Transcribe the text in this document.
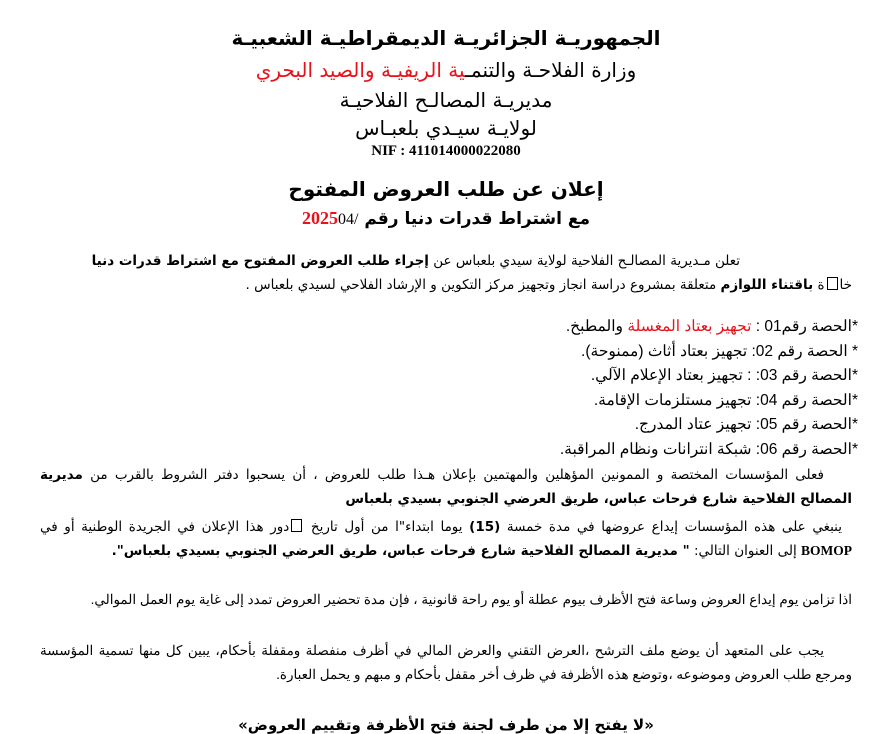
الجمهوريـة الجزائريـة الديمقراطيـة الشعبيـة
وزارة الفلاحـة والتنمـية الريفيـة والصيد البحري
مديريـة المصالـح الفلاحيـة
لولايـة سيـدي بلعبـاس
NIF : 411014000022080
إعلان عن طلب العروض المفتوح
مع اشتراط قدرات دنيا رقم 202504/
تعلن مـديرية المصالـح الفلاحية لولاية سيدي بلعباس عن إجراء طلب العروض المفتوح مع اشتراط قدرات دنيا
خاة باقتناء اللوازم متعلقة بمشروع دراسة انجاز وتجهيز مركز التكوين و الإرشاد الفلاحي لسيدي بلعباس .
*الحصة رقم01 : تجهيز بعتاد المغسلة والمطبخ.
* الحصة رقم 02: تجهيز بعتاد أثاث (ممنوحة).
*الحصة رقم 03: : تجهيز بعتاد الإعلام الآلي.
*الحصة رقم 04: تجهيز مستلزمات الإقامة.
*الحصة رقم 05: تجهيز عتاد المدرج.
*الحصة رقم 06: شبكة انترانات ونظام المراقبة.
فعلى المؤسسات المختصة و الممونين المؤهلين والمهتمين بإعلان هـذا طلب للعروض ، أن يسحبوا دفتر الشروط بالقرب من مديرية المصالح الفلاحية شارع فرحات عباس، طريق العرضي الجنوبي بسيدي بلعباس
ينبغي على هذه المؤسسات إيداع عروضها في مدة خمسة (15) يوما ابتداء"ا من أول تاريخ دور هذا الإعلان في الجريدة الوطنية أو في BOMOP إلى العنوان التالي: " مديرية المصالح الفلاحية شارع فرحات عباس، طريق العرضي الجنوبي بسيدي بلعباس".
اذا تزامن يوم إيداع العروض وساعة فتح الأظرف بيوم عطلة أو يوم راحة قانونية ، فإن مدة تحضير العروض تمدد إلى غاية يوم العمل الموالي.
يجب على المتعهد أن يوضع ملف الترشح ،العرض التقني والعرض المالي في أظرف منفصلة ومقفلة بأحكام، يبين كل منها تسمية المؤسسة ومرجع طلب العروض وموضوعه ،وتوضع هذه الأظرفة في ظرف أخر مقفل بأحكام و مبهم و يحمل العبارة.
«لا يفتح إلا من طرف لجنة فتح الأظرفة وتقييم العروض»
